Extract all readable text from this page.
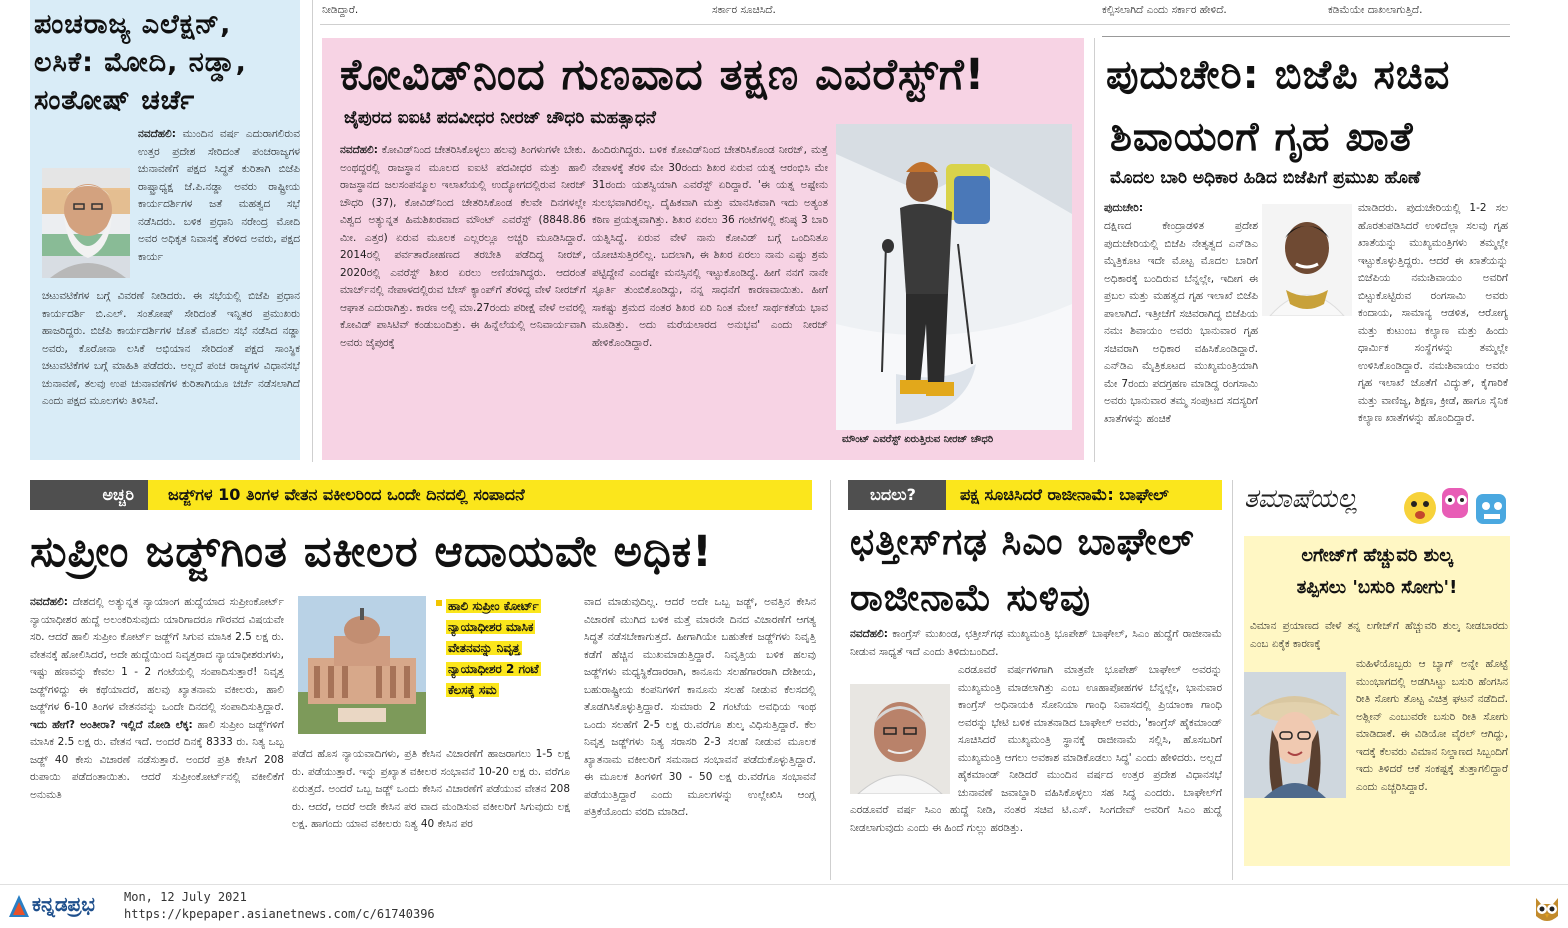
ನೀಡಿದ್ದಾರೆ.	ಸರ್ಕಾರ ಸೂಚಿಸಿದೆ.	ಕಲ್ಪಿಸಲಾಗಿದೆ ಎಂದು ಸರ್ಕಾರ ಹೇಳಿದೆ.	ಕಡಿಮೆಯೇ ದಾಖಲಾಗುತ್ತಿದೆ.
ಪಂಚರಾಜ್ಯ ಎಲೆಕ್ಷನ್,
ಲಸಿಕೆ: ಮೋದಿ, ನಡ್ಡಾ,
ಸಂತೋಷ್ ಚರ್ಚೆ
ನವದೆಹಲಿ: ಮುಂದಿನ ವರ್ಷ ಎದುರಾಗಲಿರುವ ಉತ್ತರ ಪ್ರದೇಶ ಸೇರಿದಂತೆ ಪಂಚರಾಜ್ಯಗಳ ಚುನಾವಣೆಗೆ ಪಕ್ಷದ ಸಿದ್ಧತೆ ಕುರಿತಾಗಿ ಬಿಜೆಪಿ ರಾಷ್ಟ್ರಾಧ್ಯಕ್ಷ ಜೆ.ಪಿ.ನಡ್ಡಾ ಅವರು ರಾಷ್ಟ್ರೀಯ ಕಾರ್ಯದರ್ಶಿಗಳ ಜತೆ ಮಹತ್ವದ ಸಭೆ ನಡೆಸಿದರು. ಬಳಿಕ ಪ್ರಧಾನಿ ನರೇಂದ್ರ ಮೋದಿ ಅವರ ಅಧಿಕೃತ ನಿವಾಸಕ್ಕೆ ತೆರಳಿದ ಅವರು, ಪಕ್ಷದ ಕಾರ್ಯ
ಚಟುವಟಿಕೆಗಳ ಬಗ್ಗೆ ವಿವರಣೆ ನೀಡಿದರು. ಈ ಸಭೆಯಲ್ಲಿ ಬಿಜೆಪಿ ಪ್ರಧಾನ ಕಾರ್ಯದರ್ಶಿ ಬಿ.ಎಲ್. ಸಂತೋಷ್ ಸೇರಿದಂತೆ ಇನ್ನಿತರ ಪ್ರಮುಖರು ಹಾಜರಿದ್ದರು. ಬಿಜೆಪಿ ಕಾರ್ಯದರ್ಶಿಗಳ ಜೊತೆ ಮೊದಲ ಸಭೆ ನಡೆಸಿದ ನಡ್ಡಾ ಅವರು, ಕೊರೋನಾ ಲಸಿಕೆ ಅಭಿಯಾನ ಸೇರಿದಂತೆ ಪಕ್ಷದ ಸಾಂಸ್ಥಿಕ ಚಟುವಟಿಕೆಗಳ ಬಗ್ಗೆ ಮಾಹಿತಿ ಪಡೆದರು. ಅಲ್ಲದೆ ಪಂಚ ರಾಜ್ಯಗಳ ವಿಧಾನಸಭೆ ಚುನಾವಣೆ, ತಲವು ಉಪ ಚುನಾವಣೆಗಳ ಕುರಿತಾಗಿಯೂ ಚರ್ಚೆ ನಡೆಸಲಾಗಿದೆ ಎಂದು ಪಕ್ಷದ ಮೂಲಗಳು ತಿಳಿಸಿವೆ.
ಕೋವಿಡ್‌ನಿಂದ ಗುಣವಾದ ತಕ್ಷಣ ಎವರೆಸ್ಟ್‌ಗೆ!
ಜೈಪುರದ ಐಐಟಿ ಪದವೀಧರ ನೀರಜ್ ಚೌಧರಿ ಮಹತ್ಸಾಧನೆ
ನವದೆಹಲಿ: ಕೋವಿಡ್‌ನಿಂದ ಚೇತರಿಸಿಕೊಳ್ಳಲು ಹಲವು ತಿಂಗಳುಗಳೇ ಬೇಕು. ಅಂಥದ್ದರಲ್ಲಿ ರಾಜಸ್ಥಾನ ಮೂಲದ ಐಐಟಿ ಪದವೀಧರ ಮತ್ತು ಹಾಲಿ ರಾಜಸ್ಥಾನದ ಜಲಸಂಪನ್ಮೂಲ ಇಲಾಖೆಯಲ್ಲಿ ಉದ್ಯೋಗದಲ್ಲಿರುವ ನೀರಜ್ ಚೌಧರಿ (37), ಕೋವಿಡ್‌ನಿಂದ ಚೇತರಿಸಿಕೊಂಡ ಕೆಲವೇ ದಿನಗಳಲ್ಲೇ ವಿಶ್ವದ ಅತ್ಯುನ್ನತ ಹಿಮಶಿಖರವಾದ ಮೌಂಟ್ ಎವರೆಸ್ಟ್ (8848.86 ಮೀ. ಎತ್ತರ) ಏರುವ ಮೂಲಕ ಎಲ್ಲರಲ್ಲೂ ಅಚ್ಚರಿ ಮೂಡಿಸಿದ್ದಾರೆ. 2014ರಲ್ಲಿ ಪರ್ವತಾರೋಹಣದ ತರಬೇತಿ ಪಡೆದಿದ್ದ ನೀರಜ್, 2020ರಲ್ಲಿ ಎವರೆಸ್ಟ್ ಶಿಖರ ಏರಲು ಅಣಿಯಾಗಿದ್ದರು. ಆದರಂತೆ ಮಾರ್ಚ್‌ನಲ್ಲಿ ನೇಪಾಳದಲ್ಲಿರುವ ಬೇಸ್ ಕ್ಯಾಂಪ್‌ಗೆ ತೆರಳಿದ್ದ ವೇಳೆ ನೀರಜ್‌ಗೆ ಆಘಾತ ಎದುರಾಗಿತ್ತು. ಕಾರಣ ಅಲ್ಲಿ ಮಾ.27ರಂದು ಪರೀಕ್ಷೆ ವೇಳೆ ಅವರಲ್ಲಿ ಕೋವಿಡ್ ಪಾಸಿಟಿವ್ ಕಂಡುಬಂದಿತ್ತು. ಈ ಹಿನ್ನೆಲೆಯಲ್ಲಿ ಅನಿವಾರ್ಯವಾಗಿ ಅವರು ಜೈಪುರಕ್ಕೆ
ಹಿಂದಿರುಗಿದ್ದರು. ಬಳಿಕ ಕೋವಿಡ್‌ನಿಂದ ಚೇತರಿಸಿಕೊಂಡ ನೀರಜ್, ಮತ್ತೆ ನೇಪಾಳಕ್ಕೆ ತೆರಳಿ ಮೇ 30ರಂದು ಶಿಖರ ಏರುವ ಯತ್ನ ಆರಂಭಿಸಿ ಮೇ 31ರಂದು ಯಶಸ್ವಿಯಾಗಿ ಎವರೆಸ್ಟ್ ಏರಿದ್ದಾರೆ. 'ಈ ಯತ್ನ ಅಷ್ಟೇನು ಸುಲಭವಾಗಿರಲಿಲ್ಲ. ದೈಹಿಕವಾಗಿ ಮತ್ತು ಮಾನಸಿಕವಾಗಿ ಇದು ಅತ್ಯಂತ ಕಠಿಣ ಪ್ರಯತ್ನವಾಗಿತ್ತು. ಶಿಖರ ಏರಲು 36 ಗಂಟೆಗಳಲ್ಲಿ ಕನಿಷ್ಠ 3 ಬಾರಿ ಯತ್ನಿಸಿದ್ದೆ. ಏರುವ ವೇಳೆ ನಾನು ಕೋವಿಡ್ ಬಗ್ಗೆ ಒಂದಿನಿತೂ ಯೋಚಿಸುತ್ತಿರಲಿಲ್ಲ. ಬದಲಾಗಿ, ಈ ಶಿಖರ ಏರಲು ನಾನು ಎಷ್ಟು ಶ್ರಮ ಪಟ್ಟಿದ್ದೇನೆ ಎಂದಷ್ಟೇ ಮನಸ್ಸಿನಲ್ಲಿ ಇಟ್ಟುಕೊಂಡಿದ್ದೆ. ಹೀಗೆ ನನಗೆ ನಾನೇ ಸ್ಫೂರ್ತಿ ತುಂಬಿಕೊಂಡಿದ್ದು, ನನ್ನ ಸಾಧನೆಗೆ ಕಾರಣವಾಯಿತು. ಹೀಗೆ ಸಾಕಷ್ಟು ಶ್ರಮದ ನಂತರ ಶಿಖರ ಏರಿ ನಿಂತ ಮೇಲೆ ಸಾರ್ಥಕತೆಯ ಭಾವ ಮೂಡಿತ್ತು. ಅದು ಮರೆಯಲಾರದ ಅನುಭವ' ಎಂದು ನೀರಜ್ ಹೇಳಿಕೊಂಡಿದ್ದಾರೆ.
ಮೌಂಟ್ ಎವರೆಸ್ಟ್ ಏರುತ್ತಿರುವ ನೀರಜ್ ಚೌಧರಿ
ಪುದುಚೇರಿ: ಬಿಜೆಪಿ ಸಚಿವ
ಶಿವಾಯಂಗೆ ಗೃಹ ಖಾತೆ
ಮೊದಲ ಬಾರಿ ಅಧಿಕಾರ ಹಿಡಿದ ಬಿಜೆಪಿಗೆ ಪ್ರಮುಖ ಹೊಣೆ
ಪುದುಚೇರಿ:
ದಕ್ಷಿಣದ ಕೇಂದ್ರಾಡಳಿತ ಪ್ರದೇಶ ಪುದುಚೇರಿಯಲ್ಲಿ ಬಿಜೆಪಿ ನೇತೃತ್ವದ ಎನ್‌ಡಿಎ ಮೈತ್ರಿಕೂಟ ಇದೇ ಮೊಟ್ಟ ಮೊದಲ ಬಾರಿಗೆ ಅಧಿಕಾರಕ್ಕೆ ಬಂದಿರುವ ಬೆನ್ನಲ್ಲೇ, ಇದೀಗ ಈ ಪ್ರಬಲ ಮತ್ತು ಮಹತ್ವದ ಗೃಹ ಇಲಾಖೆ ಬಿಜೆಪಿ ಪಾಲಾಗಿದೆ. ಇತ್ತೀಚೆಗೆ ಸಚಿವರಾಗಿದ್ದ ಬಿಜೆಪಿಯ ನಮಃ ಶಿವಾಯಂ ಅವರು ಭಾನುವಾರ ಗೃಹ ಸಚಿವರಾಗಿ ಅಧಿಕಾರ ವಹಿಸಿಕೊಂಡಿದ್ದಾರೆ. ಎನ್‌ಡಿಎ ಮೈತ್ರಿಕೂಟದ ಮುಖ್ಯಮಂತ್ರಿಯಾಗಿ ಮೇ 7ರಂದು ಪದಗ್ರಹಣ ಮಾಡಿದ್ದ ರಂಗಸಾಮಿ ಅವರು ಭಾನುವಾರ ತಮ್ಮ ಸಂಪುಟದ ಸದಸ್ಯರಿಗೆ ಖಾತೆಗಳನ್ನು ಹಂಚಿಕೆ
ಮಾಡಿದರು. ಪುದುಚೇರಿಯಲ್ಲಿ 1-2 ಸಲ ಹೊರತುಪಡಿಸಿದರೆ ಉಳಿದೆಲ್ಲಾ ಸಲವು ಗೃಹ ಖಾತೆಯನ್ನು ಮುಖ್ಯಮಂತ್ರಿಗಳು ತಮ್ಮಲ್ಲೇ ಇಟ್ಟುಕೊಳ್ಳುತ್ತಿದ್ದರು. ಆದರೆ ಈ ಖಾತೆಯನ್ನು ಬಿಜೆಪಿಯ ನಮಃಶಿವಾಯಂ ಅವರಿಗೆ ಬಿಟ್ಟುಕೊಟ್ಟಿರುವ ರಂಗಸಾಮಿ ಅವರು ಕಂದಾಯ, ಸಾಮಾನ್ಯ ಆಡಳಿತ, ಆರೋಗ್ಯ ಮತ್ತು ಕುಟುಂಬ ಕಲ್ಯಾಣ ಮತ್ತು ಹಿಂದು ಧಾರ್ಮಿಕ ಸಂಸ್ಥೆಗಳನ್ನು ತಮ್ಮಲ್ಲೇ ಉಳಿಸಿಕೊಂಡಿದ್ದಾರೆ. ನಮಃಶಿವಾಯಂ ಅವರು ಗೃಹ ಇಲಾಖೆ ಜೊತೆಗೆ ವಿದ್ಯುತ್, ಕೈಗಾರಿಕೆ ಮತ್ತು ವಾಣಿಜ್ಯ, ಶಿಕ್ಷಣ, ಕ್ರೀಡೆ, ಹಾಗೂ ಸೈನಿಕ ಕಲ್ಯಾಣ ಖಾತೆಗಳನ್ನು ಹೊಂದಿದ್ದಾರೆ.
ಅಚ್ಚರಿ ಜಡ್ಜ್‌ಗಳ 10 ತಿಂಗಳ ವೇತನ ವಕೀಲರಿಂದ ಒಂದೇ ದಿನದಲ್ಲಿ ಸಂಪಾದನೆ
ಸುಪ್ರೀಂ ಜಡ್ಜ್‌ಗಿಂತ ವಕೀಲರ ಆದಾಯವೇ ಅಧಿಕ!
ನವದೆಹಲಿ: ದೇಶದಲ್ಲಿ ಅತ್ಯುನ್ನತ ನ್ಯಾಯಾಂಗ ಹುದ್ದೆಯಾದ ಸುಪ್ರೀಂಕೋರ್ಟ್ ನ್ಯಾಯಾಧೀಶರ ಹುದ್ದೆ ಅಲಂಕರಿಸುವುದು ಯಾರಿಗಾದರೂ ಗೌರವದ ವಿಷಯವೇ ಸರಿ. ಆದರೆ ಹಾಲಿ ಸುಪ್ರೀಂ ಕೋರ್ಟ್ ಜಡ್ಜ್‌ಗೆ ಸಿಗುವ ಮಾಸಿಕ 2.5 ಲಕ್ಷ ರು. ವೇತನಕ್ಕೆ ಹೋಲಿಸಿದರೆ, ಅದೇ ಹುದ್ದೆಯಿಂದ ನಿವೃತ್ತರಾದ ನ್ಯಾಯಾಧೀಶರುಗಳು, ಇಷ್ಟು ಹಣವನ್ನು ಕೇವಲ 1 - 2 ಗಂಟೆಯಲ್ಲಿ ಸಂಪಾದಿಸುತ್ತಾರೆ! ನಿವೃತ್ತ ಜಡ್ಜ್‌ಗಳಿದ್ದು ಈ ಕಥೆಯಾದರೆ, ಹಲವು ಖ್ಯಾತನಾಮ ವಕೀಲರು, ಹಾಲಿ ಜಡ್ಜ್‌ಗಳ 6-10 ತಿಂಗಳ ವೇತನವನ್ನು ಒಂದೇ ದಿನದಲ್ಲಿ ಸಂಪಾದಿಸುತ್ತಿದ್ದಾರೆ. ಇದು ಹೇಗೆ? ಅಂತೀರಾ? ಇಲ್ಲಿದೆ ನೋಡಿ ಲೆಕ್ಕ: ಹಾಲಿ ಸುಪ್ರೀಂ ಜಡ್ಜ್‌ಗಳಿಗೆ ಮಾಸಿಕ 2.5 ಲಕ್ಷ ರು. ವೇತನ ಇದೆ. ಅಂದರೆ ದಿನಕ್ಕೆ 8333 ರು. ನಿತ್ಯ ಒಬ್ಬ ಜಡ್ಜ್ 40 ಕೇಸು ವಿಚಾರಣೆ ನಡೆಸುತ್ತಾರೆ. ಅಂದರೆ ಪ್ರತಿ ಕೇಸಿಗೆ 208 ರುಪಾಯಿ ಪಡೆದಂತಾಯಿತು. ಆದರೆ ಸುಪ್ರೀಂಕೋರ್ಟ್‌ನಲ್ಲಿ ವಕೀಲಿಕೆಗೆ ಅನುಮತಿ
ಹಾಲಿ ಸುಪ್ರೀಂ ಕೋರ್ಟ್ ನ್ಯಾಯಾಧೀಶರ ಮಾಸಿಕ ವೇತನವನ್ನು ನಿವೃತ್ತ ನ್ಯಾಯಾಧೀಶರ 2 ಗಂಟೆ ಕೆಲಸಕ್ಕೆ ಸಮ
ಪಡೆದ ಹೊಸ ನ್ಯಾಯವಾದಿಗಳು, ಪ್ರತಿ ಕೇಸಿನ ವಿಚಾರಣೆಗೆ ಹಾಜರಾಗಲು 1-5 ಲಕ್ಷ ರು. ಪಡೆಯುತ್ತಾರೆ. ಇನ್ನು ಪ್ರಖ್ಯಾತ ವಕೀಲರ ಸಂಭಾವನೆ 10-20 ಲಕ್ಷ ರು. ವರೆಗೂ ಏರುತ್ತದೆ. ಅಂದರೆ ಒಬ್ಬ ಜಡ್ಜ್ ಒಂದು ಕೇಸಿನ ವಿಚಾರಣೆಗೆ ಪಡೆಯುವ ವೇತನ 208 ರು. ಆದರೆ, ಅದರೆ ಅದೇ ಕೇಸಿನ ಪರ ವಾದ ಮಂಡಿಸುವ ವಕೀಲರಿಗೆ ಸಿಗುವುದು ಲಕ್ಷ ಲಕ್ಷ. ಹಾಗಂದು ಯಾವ ವಕೀಲರು ನಿತ್ಯ 40 ಕೇಸಿನ ಪರ
ವಾದ ಮಾಡುವುದಿಲ್ಲ. ಆದರೆ ಅದೇ ಒಬ್ಬ ಜಡ್ಜ್, ಅವತ್ತಿನ ಕೇಸಿನ ವಿಚಾರಣೆ ಮುಗಿದ ಬಳಿಕ ಮತ್ತೆ ಮಾರನೇ ದಿನದ ವಿಚಾರಣೆಗೆ ಆಗತ್ಯ ಸಿದ್ಧತೆ ನಡೆಸಬೇಕಾಗುತ್ತದೆ. ಹೀಗಾಗಿಯೇ ಬಹುತೇಕ ಜಡ್ಜ್‌ಗಳು ನಿವೃತ್ತಿ ಕಡೆಗೆ ಹೆಚ್ಚಿನ ಮುಖಮಾಡುತ್ತಿದ್ದಾರೆ. ನಿವೃತ್ತಿಯ ಬಳಿಕ ಹಲವು ಜಡ್ಜ್‌ಗಳು ಮಧ್ಯಸ್ಥಿಕೆದಾರರಾಗಿ, ಕಾನೂನು ಸಲಹೆಗಾರರಾಗಿ ದೇಶೀಯ, ಬಹುರಾಷ್ಟ್ರೀಯ ಕಂಪನಿಗಳಿಗೆ ಕಾನೂನು ಸಲಹೆ ನೀಡುವ ಕೆಲಸದಲ್ಲಿ ತೊಡಗಿಸಿಕೊಳ್ಳುತ್ತಿದ್ದಾರೆ. ಸುಮಾರು 2 ಗಂಟೆಯ ಅವಧಿಯ ಇಂಥ ಒಂದು ಸಲಹೆಗೆ 2-5 ಲಕ್ಷ ರು.ವರೆಗೂ ಶುಲ್ಕ ವಿಧಿಸುತ್ತಿದ್ದಾರೆ. ಕೆಲ ನಿವೃತ್ತ ಜಡ್ಜ್‌ಗಳು ನಿತ್ಯ ಸರಾಸರಿ 2-3 ಸಲಹೆ ನೀಡುವ ಮೂಲಕ ಖ್ಯಾತನಾಮ ವಕೀಲರಿಗೆ ಸಮನಾದ ಸಂಭಾವನೆ ಪಡೆದುಕೊಳ್ಳುತ್ತಿದ್ದಾರೆ. ಈ ಮೂಲಕ ತಿಂಗಳಿಗೆ 30 - 50 ಲಕ್ಷ ರು.ವರೆಗೂ ಸಂಭಾವನೆ ಪಡೆಯುತ್ತಿದ್ದಾರೆ ಎಂದು ಮೂಲಗಳನ್ನು ಉಲ್ಲೇಖಿಸಿ ಆಂಗ್ಲ ಪತ್ರಿಕೆಯೊಂದು ವರದಿ ಮಾಡಿದೆ.
ಬದಲು?	ಪಕ್ಷ ಸೂಚಿಸಿದರೆ ರಾಜೀನಾಮೆ: ಬಾಘೇಲ್
ಛತ್ತೀಸ್‌ಗಢ ಸಿಎಂ ಬಾಘೇಲ್
ರಾಜೀನಾಮೆ ಸುಳಿವು
ನವದೆಹಲಿ: ಕಾಂಗ್ರೆಸ್ ಮುಖಂಡ, ಛತ್ತೀಸ್‌ಗಢ ಮುಖ್ಯಮಂತ್ರಿ ಭೂಪೇಶ್ ಬಾಘೇಲ್, ಸಿಎಂ ಹುದ್ದೆಗೆ ರಾಜೀನಾಮೆ ನೀಡುವ ಸಾಧ್ಯತೆ ಇದೆ ಎಂದು ತಿಳಿದುಬಂದಿದೆ.
ಎರಡೂವರೆ ವರ್ಷಗಳಿಗಾಗಿ ಮಾತ್ರವೇ ಭೂಪೇಶ್ ಬಾಘೇಲ್ ಅವರನ್ನು ಮುಖ್ಯಮಂತ್ರಿ ಮಾಡಲಾಗಿತ್ತು ಎಂಬ ಊಹಾಪೋಹಗಳ ಬೆನ್ನಲ್ಲೇ, ಭಾನುವಾರ ಕಾಂಗ್ರೆಸ್ ಅಧಿನಾಯಕಿ ಸೋನಿಯಾ ಗಾಂಧಿ ನಿವಾಸದಲ್ಲಿ ಪ್ರಿಯಾಂಕಾ ಗಾಂಧಿ ಅವರನ್ನು ಭೇಟಿ ಬಳಿಕ ಮಾತನಾಡಿದ ಬಾಘೇಲ್ ಅವರು, 'ಕಾಂಗ್ರೆಸ್ ಹೈಕಮಾಂಡ್ ಸೂಚಿಸಿದರೆ ಮುಖ್ಯಮಂತ್ರಿ ಸ್ಥಾನಕ್ಕೆ ರಾಜೀನಾಮೆ ಸಲ್ಲಿಸಿ, ಹೊಸಬರಿಗೆ ಮುಖ್ಯಮಂತ್ರಿ ಆಗಲು ಅವಕಾಶ ಮಾಡಿಕೊಡಲು ಸಿದ್ಧ' ಎಂದು ಹೇಳಿದರು. ಅಲ್ಲದೆ ಹೈಕಮಾಂಡ್ ನೀಡಿದರೆ ಮುಂದಿನ ವರ್ಷದ ಉತ್ತರ ಪ್ರದೇಶ ವಿಧಾನಸಭೆ ಚುನಾವಣೆ ಜವಾಬ್ದಾರಿ ವಹಿಸಿಕೊಳ್ಳಲು ಸಹ ಸಿದ್ಧ ಎಂದರು. ಬಾಘೇಲ್‌ಗೆ ಎರಡೂವರೆ ವರ್ಷ ಸಿಎಂ ಹುದ್ದೆ ನೀಡಿ, ನಂತರ ಸಚಿವ ಟಿ.ಎಸ್. ಸಿಂಗದೇವ್ ಅವರಿಗೆ ಸಿಎಂ ಹುದ್ದೆ ನೀಡಲಾಗುವುದು ಎಂದು ಈ ಹಿಂದೆ ಗುಲ್ಲು ಹರಡಿತ್ತು.
ತಮಾಷೆಯಲ್ಲ
ಲಗೇಜ್‌ಗೆ ಹೆಚ್ಚುವರಿ ಶುಲ್ಕ
ತಪ್ಪಿಸಲು 'ಬಸುರಿ ಸೋಗು'!
ವಿಮಾನ ಪ್ರಯಾಣದ ವೇಳೆ ತನ್ನ ಲಗೇಜ್‌ಗೆ ಹೆಚ್ಚುವರಿ ಶುಲ್ಕ ನೀಡಬಾರದು ಎಂಬ ಏಕೈಕ ಕಾರಣಕ್ಕೆ
ಮಹಿಳೆಯೊಬ್ಬರು ಆ ಬ್ಯಾಗ್ ಅನ್ನೇ ಹೊಟ್ಟೆ ಮುಂಭಾಗದಲ್ಲಿ ಅಡಗಿಸಿಟ್ಟು ಬಸುರಿ ಹೆಂಗಸಿನ ರೀತಿ ಸೋಗು ತೊಟ್ಟ ವಿಚಿತ್ರ ಘಟನೆ ನಡೆದಿದೆ. ಅಶ್ಲೀನ್ ಎಂಬುವರೇ ಬಸುರಿ ರೀತಿ ಸೋಗು ಮಾಡಿದಾಕೆ. ಈ ವಿಡಿಯೋ ವೈರಲ್ ಆಗಿದ್ದು, ಇದಕ್ಕೆ ಕೆಲವರು ವಿಮಾನ ನಿಲ್ದಾಣದ ಸಿಬ್ಬಂದಿಗೆ ಇದು ತಿಳಿದರೆ ಆಕೆ ಸಂಕಷ್ಟಕ್ಕೆ ತುತ್ತಾಗಲಿದ್ದಾರೆ ಎಂದು ಎಚ್ಚರಿಸಿದ್ದಾರೆ.
ಕನ್ನಡಪ್ರಭ Mon, 12 July 2021
https://kpepaper.asianetnews.com/c/61740396
